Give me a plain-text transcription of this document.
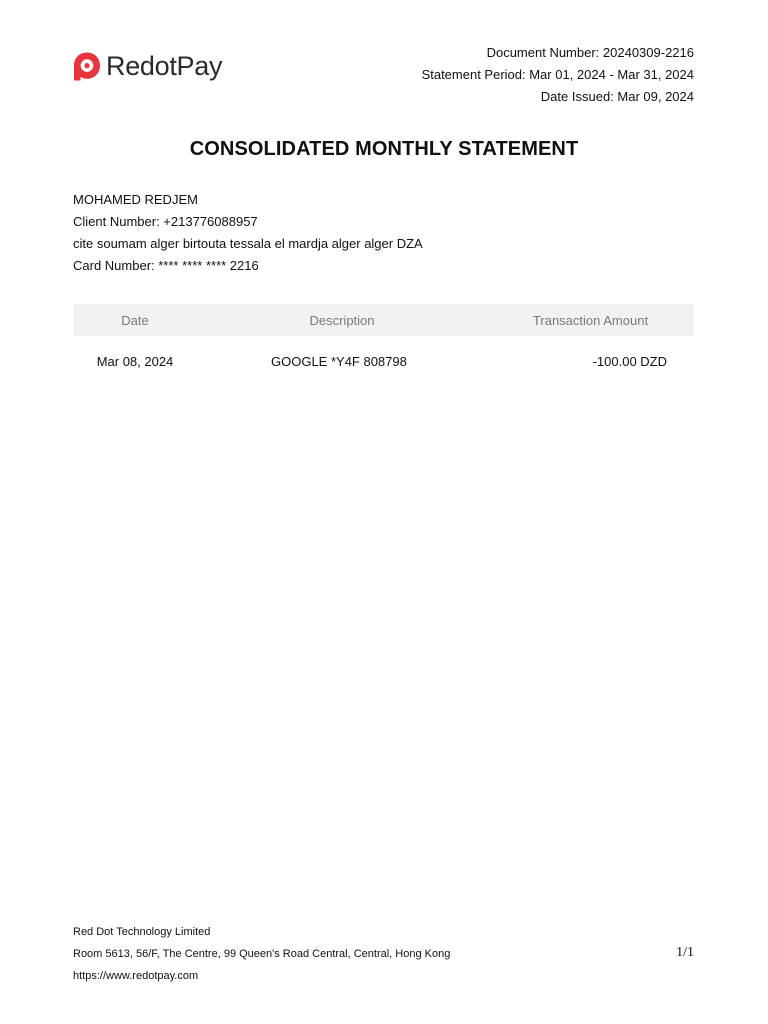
RedotPay	Document Number: 20240309-2216
Statement Period: Mar 01, 2024 - Mar 31, 2024
Date Issued: Mar 09, 2024
CONSOLIDATED MONTHLY STATEMENT
MOHAMED REDJEM
Client Number: +213776088957
cite soumam alger birtouta tessala el mardja alger alger DZA
Card Number: **** **** **** 2216
Date	Description	Transaction Amount
Mar 08, 2024	GOOGLE *Y4F 808798	-100.00 DZD
Red Dot Technology Limited
Room 5613, 56/F, The Centre, 99 Queen's Road Central, Central, Hong Kong
https://www.redotpay.com
1/1
